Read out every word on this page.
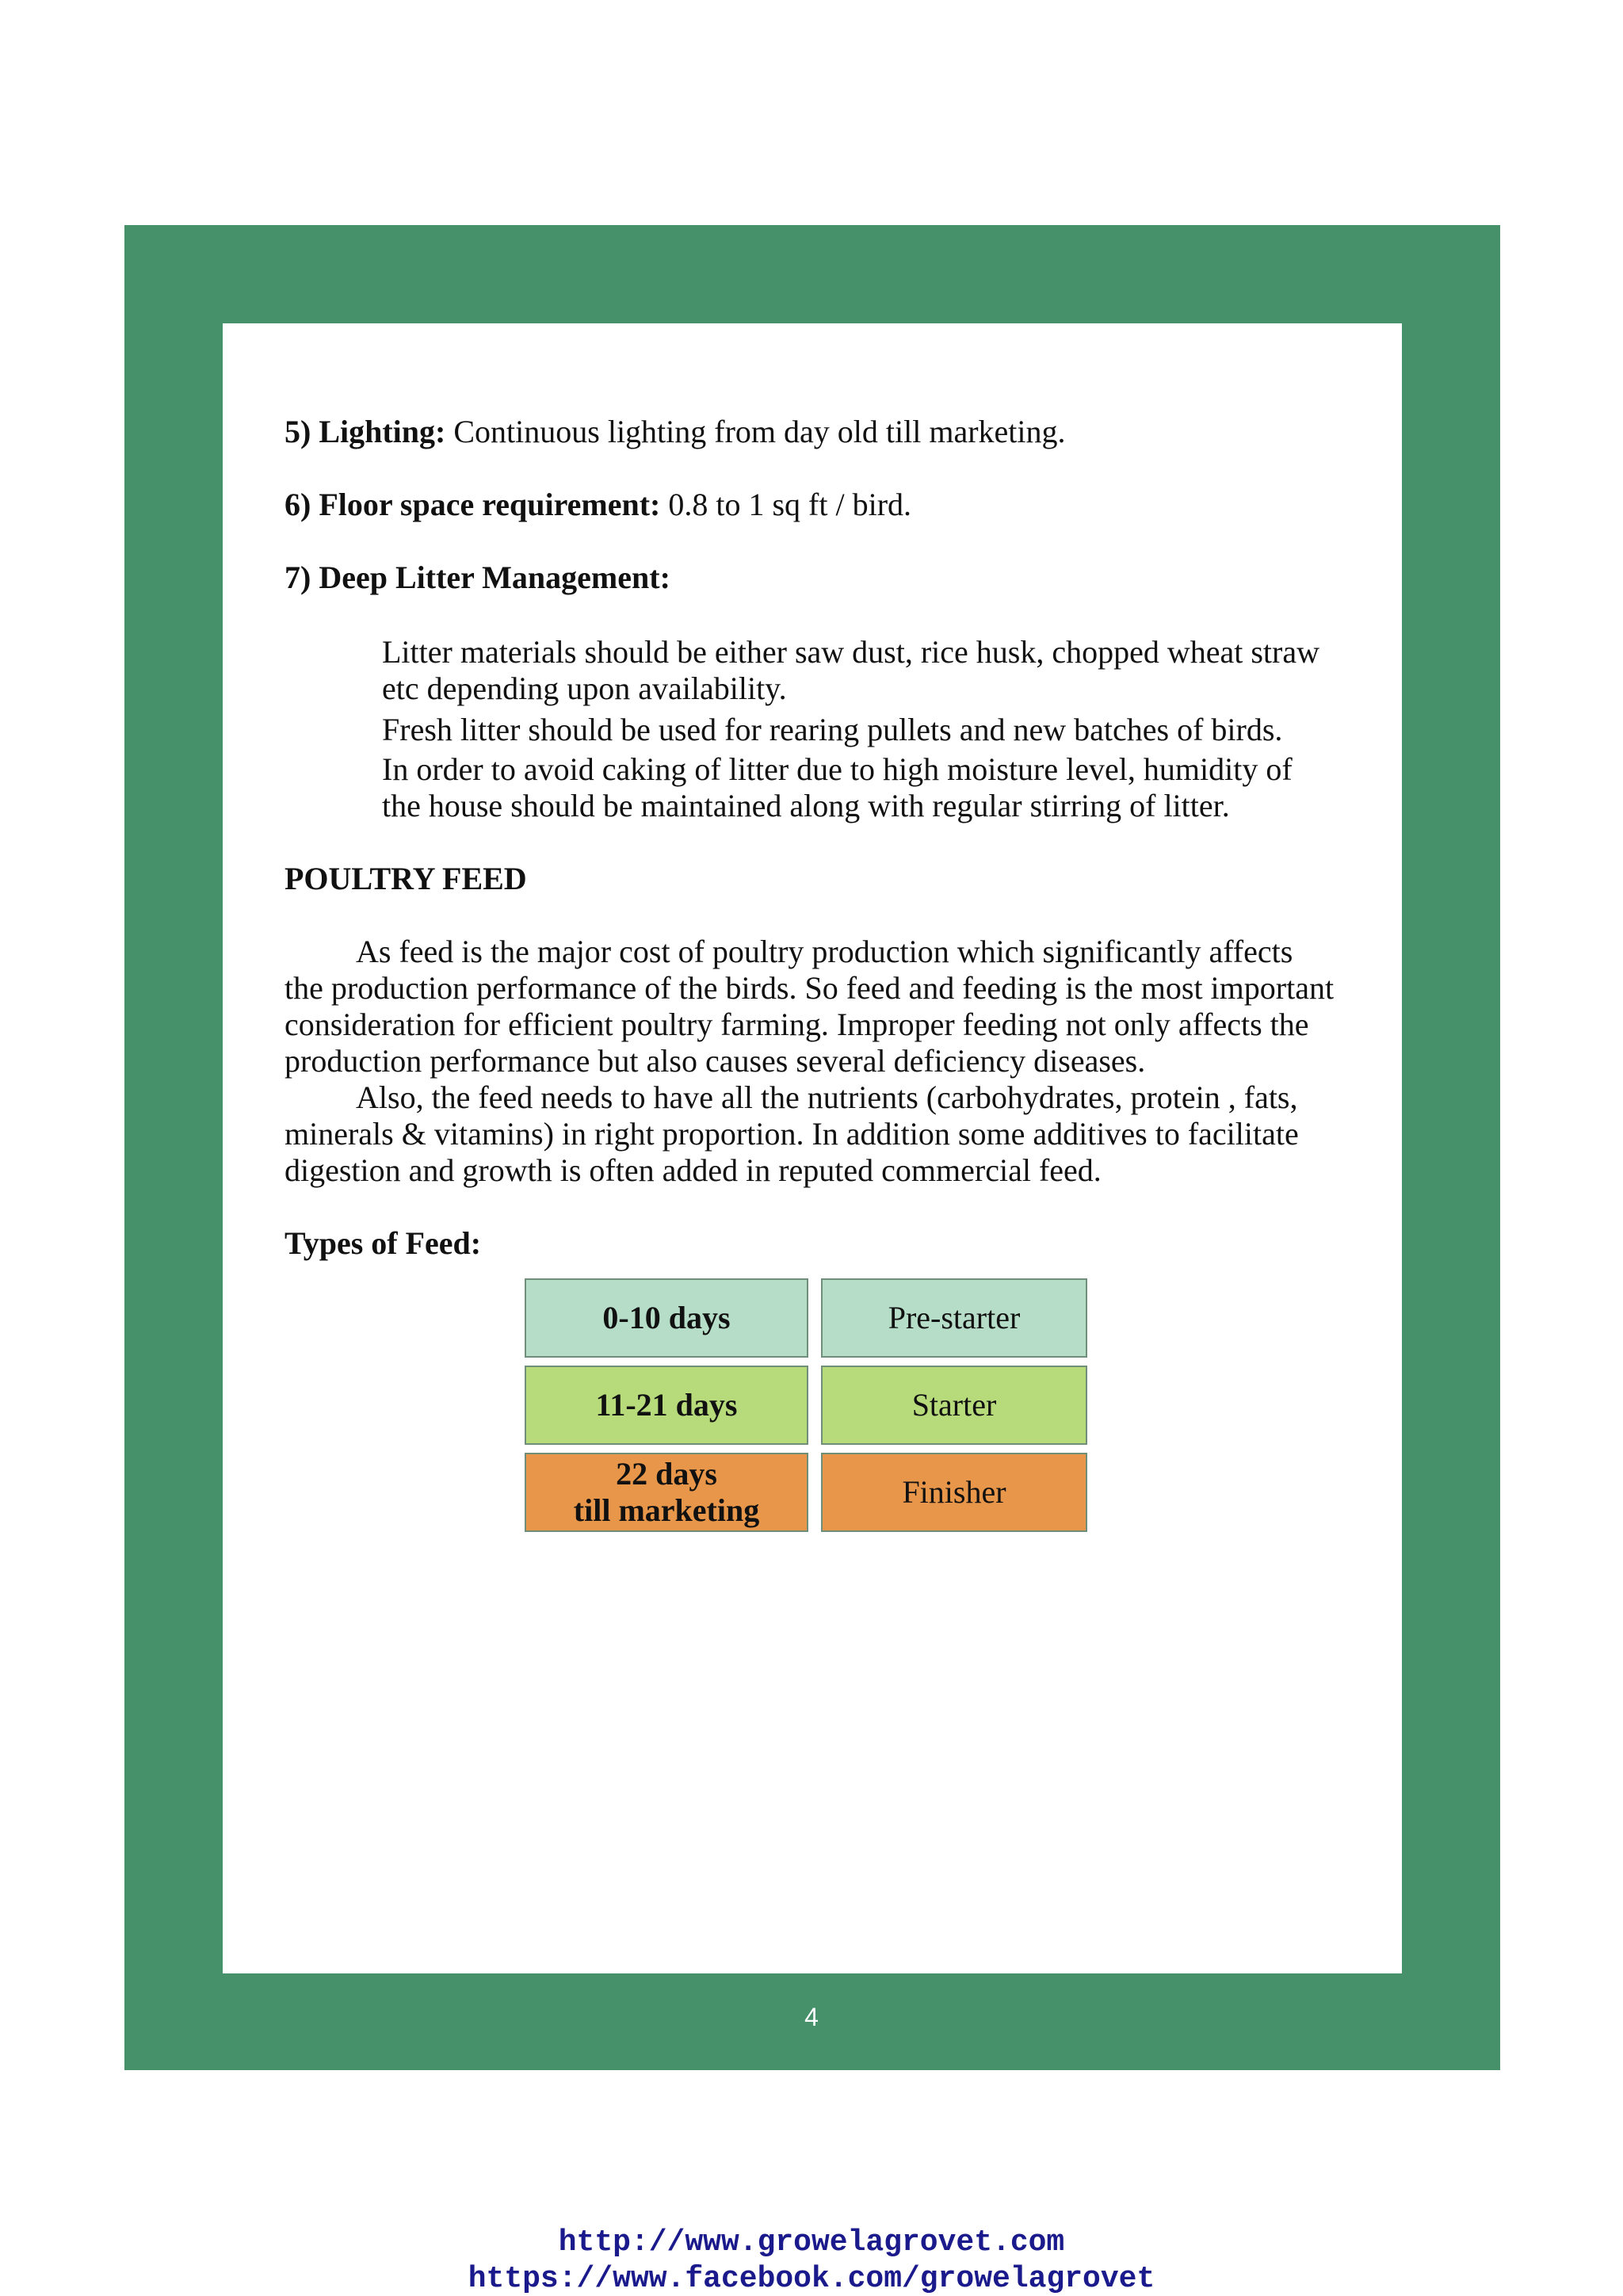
5) Lighting: Continuous lighting from day old till marketing.
6) Floor space requirement: 0.8 to 1 sq ft / bird.
7) Deep Litter Management:
Litter materials should be either saw dust, rice husk, chopped wheat straw
etc depending upon availability.
Fresh litter should be used for rearing pullets and new batches of birds.
In order to avoid caking of litter due to high moisture level, humidity of
the house should be maintained along with regular stirring of litter.
POULTRY FEED
As feed is the major cost of poultry production which significantly affects
the production performance of the birds. So feed and feeding is the most important
consideration for efficient poultry farming. Improper feeding not only affects the
production performance but also causes several deficiency diseases.
Also, the feed needs to have all the nutrients (carbohydrates, protein , fats,
minerals & vitamins) in right proportion. In addition some additives to facilitate
digestion and growth is often added in reputed commercial feed.
Types of Feed:
0-10 days	Pre-starter
11-21 days	Starter
22 days
till marketing
Finisher
4
http://www.growelagrovet.com
https://www.facebook.com/growelagrovet
